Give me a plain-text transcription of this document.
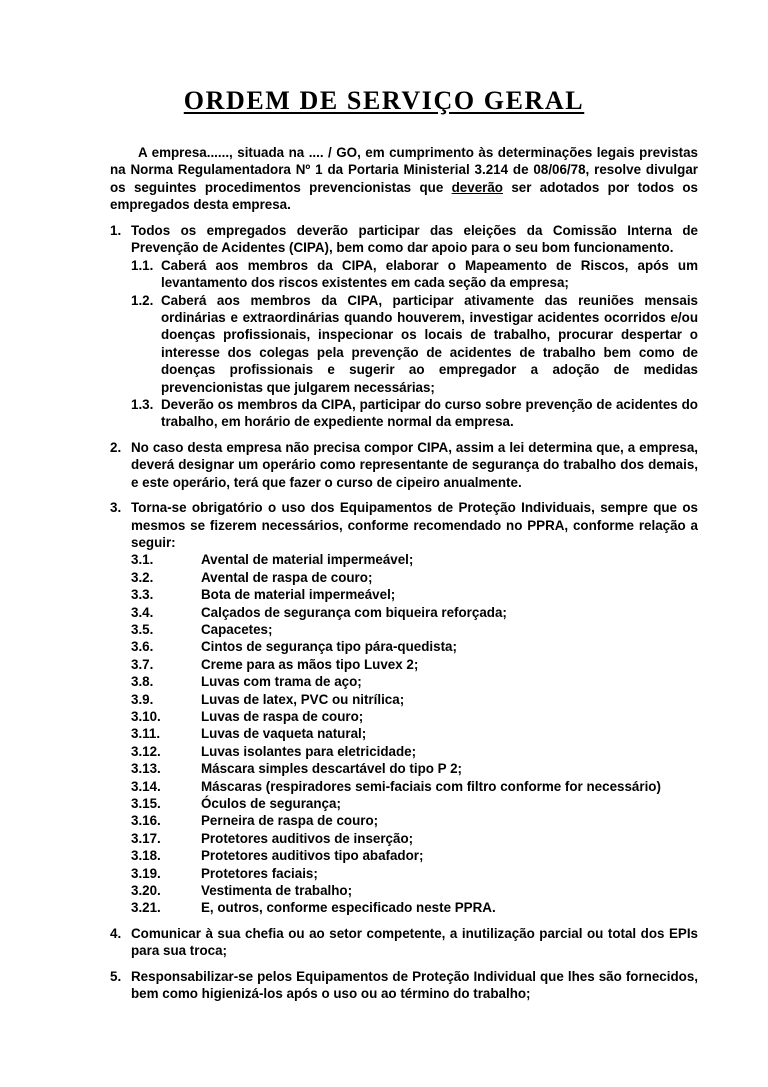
ORDEM DE SERVIÇO GERAL

A empresa......, situada na .... / GO, em cumprimento às determinações legais previstas na Norma Regulamentadora Nº 1 da Portaria Ministerial 3.214 de 08/06/78, resolve divulgar os seguintes procedimentos prevencionistas que deverão ser adotados por todos os empregados desta empresa.

1. Todos os empregados deverão participar das eleições da Comissão Interna de Prevenção de Acidentes (CIPA), bem como dar apoio para o seu bom funcionamento.
1.1. Caberá aos membros da CIPA, elaborar o Mapeamento de Riscos, após um levantamento dos riscos existentes em cada seção da empresa;
1.2. Caberá aos membros da CIPA, participar ativamente das reuniões mensais ordinárias e extraordinárias quando houverem, investigar acidentes ocorridos e/ou doenças profissionais, inspecionar os locais de trabalho, procurar despertar o interesse dos colegas pela prevenção de acidentes de trabalho bem como de doenças profissionais e sugerir ao empregador a adoção de medidas prevencionistas que julgarem necessárias;
1.3. Deverão os membros da CIPA, participar do curso sobre prevenção de acidentes do trabalho, em horário de expediente normal da empresa.
2. No caso desta empresa não precisa compor CIPA, assim a lei determina que, a empresa, deverá designar um operário como representante de segurança do trabalho dos demais, e este operário, terá que fazer o curso de cipeiro anualmente.
3. Torna-se obrigatório o uso dos Equipamentos de Proteção Individuais, sempre que os mesmos se fizerem necessários, conforme recomendado no PPRA, conforme relação a seguir:
3.1.	Avental de material impermeável;
3.2.	Avental de raspa de couro;
3.3.	Bota de material impermeável;
3.4.	Calçados de segurança com biqueira reforçada;
3.5.	Capacetes;
3.6.	Cintos de segurança tipo pára-quedista;
3.7.	Creme para as mãos tipo Luvex 2;
3.8.	Luvas com trama de aço;
3.9.	Luvas de latex, PVC ou nitrílica;
3.10.	Luvas de raspa de couro;
3.11.	Luvas de vaqueta natural;
3.12.	Luvas isolantes para eletricidade;
3.13.	Máscara simples descartável do tipo P 2;
3.14.	Máscaras (respiradores semi-faciais com filtro conforme for necessário)
3.15.	Óculos de segurança;
3.16.	Perneira de raspa de couro;
3.17.	Protetores auditivos de inserção;
3.18.	Protetores auditivos tipo abafador;
3.19.	Protetores faciais;
3.20.	Vestimenta de trabalho;
3.21.	E, outros, conforme especificado neste PPRA.
4. Comunicar à sua chefia ou ao setor competente, a inutilização parcial ou total dos EPIs para sua troca;
5. Responsabilizar-se pelos Equipamentos de Proteção Individual que lhes são fornecidos, bem como higienizá-los após o uso ou ao término do trabalho;
